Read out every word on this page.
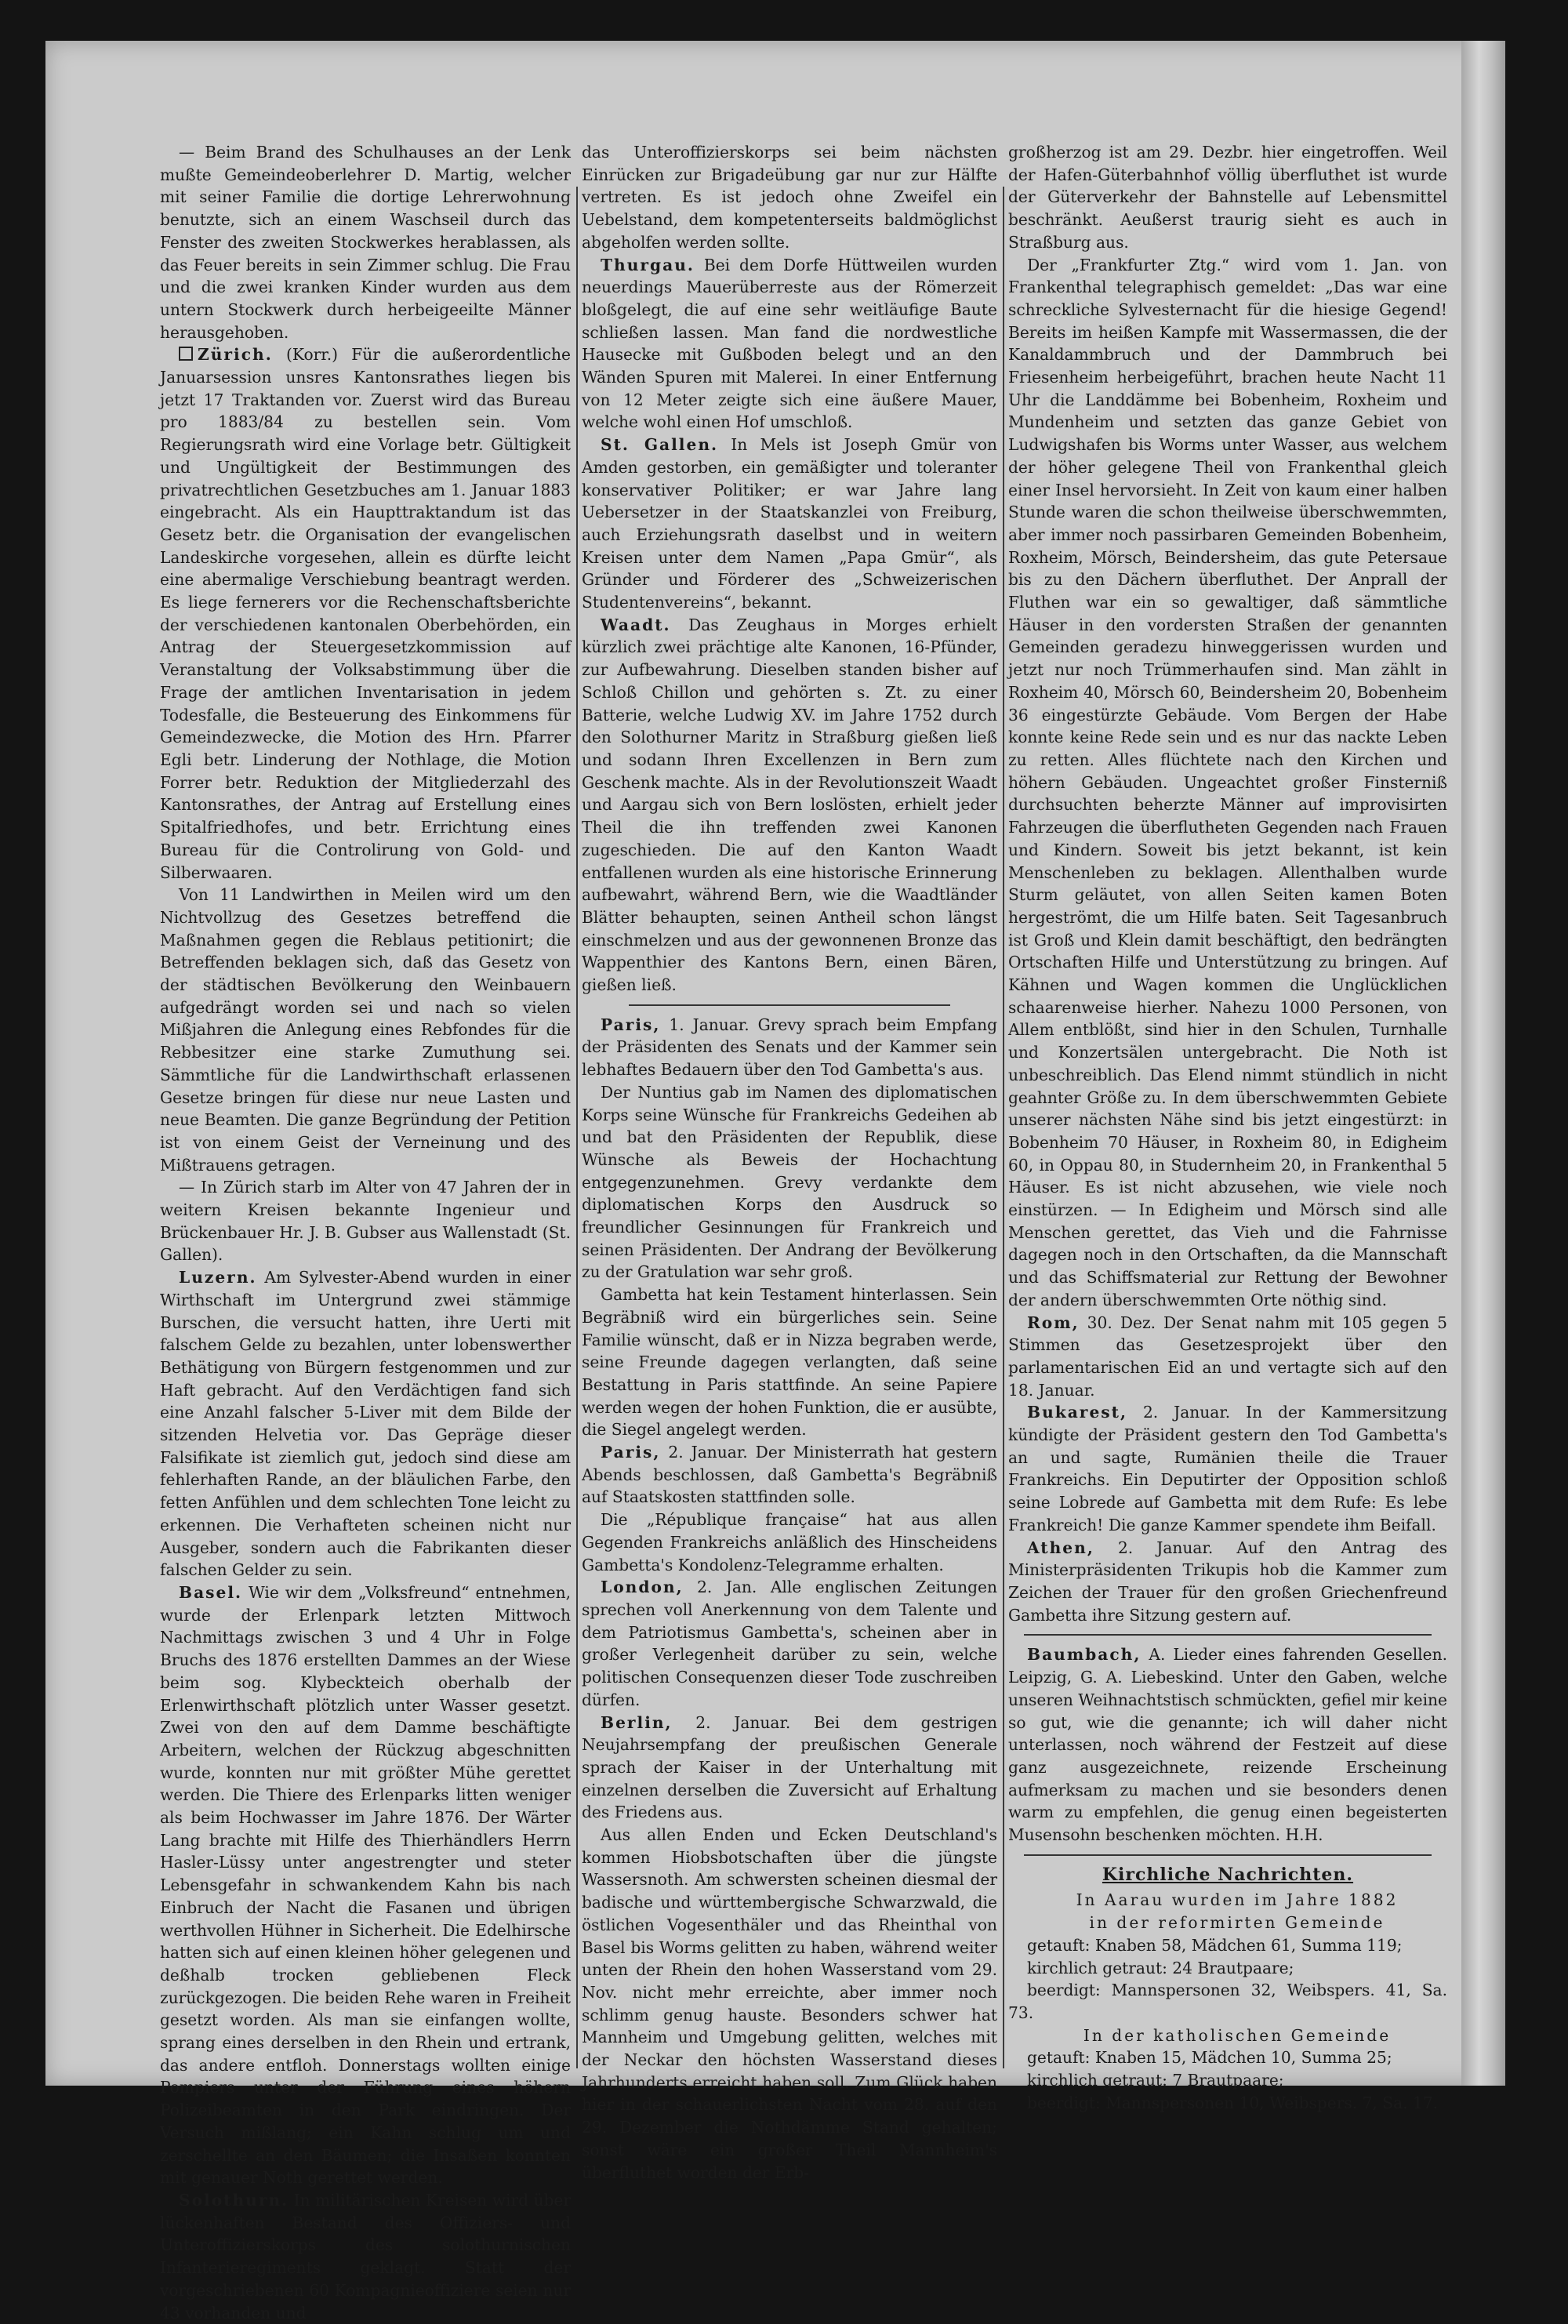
— Beim Brand des Schulhauses an der Lenk mußte Gemeindeoberlehrer D. Martig, welcher mit seiner Familie die dortige Lehrerwohnung benutzte, sich an einem Waschseil durch das Fenster des zweiten Stockwerkes herablassen, als das Feuer bereits in sein Zimmer schlug. Die Frau und die zwei kranken Kinder wurden aus dem untern Stockwerk durch herbeigeeilte Männer herausgehoben.

Zürich. (Korr.) Für die außerordentliche Januarsession unsres Kantonsrathes liegen bis jetzt 17 Traktanden vor. Zuerst wird das Bureau pro 1883/84 zu bestellen sein. Vom Regierungsrath wird eine Vorlage betr. Gültigkeit und Ungültigkeit der Bestimmungen des privatrechtlichen Gesetzbuches am 1. Januar 1883 eingebracht. Als ein Haupttraktandum ist das Gesetz betr. die Organisation der evangelischen Landeskirche vorgesehen, allein es dürfte leicht eine abermalige Verschiebung beantragt werden. Es liege fernerers vor die Rechenschaftsberichte der verschiedenen kantonalen Oberbehörden, ein Antrag der Steuergesetzkommission auf Veranstaltung der Volksabstimmung über die Frage der amtlichen Inventarisation in jedem Todesfalle, die Besteuerung des Einkommens für Gemeindezwecke, die Motion des Hrn. Pfarrer Egli betr. Linderung der Nothlage, die Motion Forrer betr. Reduktion der Mitgliederzahl des Kantonsrathes, der Antrag auf Erstellung eines Spitalfriedhofes, und betr. Errichtung eines Bureau für die Controlirung von Gold- und Silberwaaren.

Von 11 Landwirthen in Meilen wird um den Nichtvollzug des Gesetzes betreffend die Maßnahmen gegen die Reblaus petitionirt; die Betreffenden beklagen sich, daß das Gesetz von der städtischen Bevölkerung den Weinbauern aufgedrängt worden sei und nach so vielen Mißjahren die Anlegung eines Rebfondes für die Rebbesitzer eine starke Zumuthung sei. Sämmtliche für die Landwirthschaft erlassenen Gesetze bringen für diese nur neue Lasten und neue Beamten. Die ganze Begründung der Petition ist von einem Geist der Verneinung und des Mißtrauens getragen.

— In Zürich starb im Alter von 47 Jahren der in weitern Kreisen bekannte Ingenieur und Brückenbauer Hr. J. B. Gubser aus Wallenstadt (St. Gallen).

Luzern. Am Sylvester-Abend wurden in einer Wirthschaft im Untergrund zwei stämmige Burschen, die versucht hatten, ihre Uerti mit falschem Gelde zu bezahlen, unter lobenswerther Bethätigung von Bürgern festgenommen und zur Haft gebracht. Auf den Verdächtigen fand sich eine Anzahl falscher 5-Liver mit dem Bilde der sitzenden Helvetia vor. Das Gepräge dieser Falsifikate ist ziemlich gut, jedoch sind diese am fehlerhaften Rande, an der bläulichen Farbe, den fetten Anfühlen und dem schlechten Tone leicht zu erkennen. Die Verhafteten scheinen nicht nur Ausgeber, sondern auch die Fabrikanten dieser falschen Gelder zu sein.

Basel. Wie wir dem „Volksfreund“ entnehmen, wurde der Erlenpark letzten Mittwoch Nachmittags zwischen 3 und 4 Uhr in Folge Bruchs des 1876 erstellten Dammes an der Wiese beim sog. Klybeckteich oberhalb der Erlenwirthschaft plötzlich unter Wasser gesetzt. Zwei von den auf dem Damme beschäftigte Arbeitern, welchen der Rückzug abgeschnitten wurde, konnten nur mit größter Mühe gerettet werden. Die Thiere des Erlenparks litten weniger als beim Hochwasser im Jahre 1876. Der Wärter Lang brachte mit Hilfe des Thierhändlers Herrn Hasler-Lüssy unter angestrengter und steter Lebensgefahr in schwankendem Kahn bis nach Einbruch der Nacht die Fasanen und übrigen werthvollen Hühner in Sicherheit. Die Edelhirsche hatten sich auf einen kleinen höher gelegenen und deßhalb trocken gebliebenen Fleck zurückgezogen. Die beiden Rehe waren in Freiheit gesetzt worden. Als man sie einfangen wollte, sprang eines derselben in den Rhein und ertrank, das andere entfloh. Donnerstags wollten einige Pompiers unter der Führung eines höhern Polizeibeamten in den Park eindringen. Der Versuch mißlang; ein Kahn schlug um und zerschellte an den Bäumen; die Insaßen konnten mit genauer Noth gerettet werden.

Solothurn. In militärischen Kreisen wird über lückenhaften Bestand des Offiziers- und Unteroffizierskorps des solothurnischen Infanterieregiments geklagt. Statt der vorgeschriebenen 60 Kompagnieoffiziere seien nur 43 vorhanden und

das Unteroffizierskorps sei beim nächsten Einrücken zur Brigadeübung gar nur zur Hälfte vertreten. Es ist jedoch ohne Zweifel ein Uebelstand, dem kompetenterseits baldmöglichst abgeholfen werden sollte.

Thurgau. Bei dem Dorfe Hüttweilen wurden neuerdings Mauerüberreste aus der Römerzeit bloßgelegt, die auf eine sehr weitläufige Baute schließen lassen. Man fand die nordwestliche Hausecke mit Gußboden belegt und an den Wänden Spuren mit Malerei. In einer Entfernung von 12 Meter zeigte sich eine äußere Mauer, welche wohl einen Hof umschloß.

St. Gallen. In Mels ist Joseph Gmür von Amden gestorben, ein gemäßigter und toleranter konservativer Politiker; er war Jahre lang Uebersetzer in der Staatskanzlei von Freiburg, auch Erziehungsrath daselbst und in weitern Kreisen unter dem Namen „Papa Gmür“, als Gründer und Förderer des „Schweizerischen Studentenvereins“, bekannt.

Waadt. Das Zeughaus in Morges erhielt kürzlich zwei prächtige alte Kanonen, 16-Pfünder, zur Aufbewahrung. Dieselben standen bisher auf Schloß Chillon und gehörten s. Zt. zu einer Batterie, welche Ludwig XV. im Jahre 1752 durch den Solothurner Maritz in Straßburg gießen ließ und sodann Ihren Excellenzen in Bern zum Geschenk machte. Als in der Revolutionszeit Waadt und Aargau sich von Bern loslösten, erhielt jeder Theil die ihn treffenden zwei Kanonen zugeschieden. Die auf den Kanton Waadt entfallenen wurden als eine historische Erinnerung aufbewahrt, während Bern, wie die Waadtländer Blätter behaupten, seinen Antheil schon längst einschmelzen und aus der gewonnenen Bronze das Wappenthier des Kantons Bern, einen Bären, gießen ließ.

Paris, 1. Januar. Grevy sprach beim Empfang der Präsidenten des Senats und der Kammer sein lebhaftes Bedauern über den Tod Gambetta's aus.

Der Nuntius gab im Namen des diplomatischen Korps seine Wünsche für Frankreichs Gedeihen ab und bat den Präsidenten der Republik, diese Wünsche als Beweis der Hochachtung entgegenzunehmen. Grevy verdankte dem diplomatischen Korps den Ausdruck so freundlicher Gesinnungen für Frankreich und seinen Präsidenten. Der Andrang der Bevölkerung zu der Gratulation war sehr groß.

Gambetta hat kein Testament hinterlassen. Sein Begräbniß wird ein bürgerliches sein. Seine Familie wünscht, daß er in Nizza begraben werde, seine Freunde dagegen verlangten, daß seine Bestattung in Paris stattfinde. An seine Papiere werden wegen der hohen Funktion, die er ausübte, die Siegel angelegt werden.

Paris, 2. Januar. Der Ministerrath hat gestern Abends beschlossen, daß Gambetta's Begräbniß auf Staatskosten stattfinden solle.

Die „République française“ hat aus allen Gegenden Frankreichs anläßlich des Hinscheidens Gambetta's Kondolenz-Telegramme erhalten.

London, 2. Jan. Alle englischen Zeitungen sprechen voll Anerkennung von dem Talente und dem Patriotismus Gambetta's, scheinen aber in großer Verlegenheit darüber zu sein, welche politischen Consequenzen dieser Tode zuschreiben dürfen.

Berlin, 2. Januar. Bei dem gestrigen Neujahrsempfang der preußischen Generale sprach der Kaiser in der Unterhaltung mit einzelnen derselben die Zuversicht auf Erhaltung des Friedens aus.

Aus allen Enden und Ecken Deutschland's kommen Hiobsbotschaften über die jüngste Wassersnoth. Am schwersten scheinen diesmal der badische und württembergische Schwarzwald, die östlichen Vogesenthäler und das Rheinthal von Basel bis Worms gelitten zu haben, während weiter unten der Rhein den hohen Wasserstand vom 29. Nov. nicht mehr erreichte, aber immer noch schlimm genug hauste. Besonders schwer hat Mannheim und Umgebung gelitten, welches mit der Neckar den höchsten Wasserstand dieses Jahrhunderts erreicht haben soll. Zum Glück haben hier in der schauerlichsten Nacht vom 28. auf den 29. Dezember die Nothdämme Stand gehalten; sonst wäre ein großer Theil Mannheim's überfluthet worden der Erb-

großherzog ist am 29. Dezbr. hier eingetroffen. Weil der Hafen-Güterbahnhof völlig überfluthet ist wurde der Güterverkehr der Bahnstelle auf Lebensmittel beschränkt. Aeußerst traurig sieht es auch in Straßburg aus.

Der „Frankfurter Ztg.“ wird vom 1. Jan. von Frankenthal telegraphisch gemeldet: „Das war eine schreckliche Sylvesternacht für die hiesige Gegend! Bereits im heißen Kampfe mit Wassermassen, die der Kanaldammbruch und der Dammbruch bei Friesenheim herbeigeführt, brachen heute Nacht 11 Uhr die Landdämme bei Bobenheim, Roxheim und Mundenheim und setzten das ganze Gebiet von Ludwigshafen bis Worms unter Wasser, aus welchem der höher gelegene Theil von Frankenthal gleich einer Insel hervorsieht. In Zeit von kaum einer halben Stunde waren die schon theilweise überschwemmten, aber immer noch passirbaren Gemeinden Bobenheim, Roxheim, Mörsch, Beindersheim, das gute Petersaue bis zu den Dächern überfluthet. Der Anprall der Fluthen war ein so gewaltiger, daß sämmtliche Häuser in den vordersten Straßen der genannten Gemeinden geradezu hinweggerissen wurden und jetzt nur noch Trümmerhaufen sind. Man zählt in Roxheim 40, Mörsch 60, Beindersheim 20, Bobenheim 36 eingestürzte Gebäude. Vom Bergen der Habe konnte keine Rede sein und es nur das nackte Leben zu retten. Alles flüchtete nach den Kirchen und höhern Gebäuden. Ungeachtet großer Finsterniß durchsuchten beherzte Männer auf improvisirten Fahrzeugen die überflutheten Gegenden nach Frauen und Kindern. Soweit bis jetzt bekannt, ist kein Menschenleben zu beklagen. Allenthalben wurde Sturm geläutet, von allen Seiten kamen Boten hergeströmt, die um Hilfe baten. Seit Tagesanbruch ist Groß und Klein damit beschäftigt, den bedrängten Ortschaften Hilfe und Unterstützung zu bringen. Auf Kähnen und Wagen kommen die Unglücklichen schaarenweise hierher. Nahezu 1000 Personen, von Allem entblößt, sind hier in den Schulen, Turnhalle und Konzertsälen untergebracht. Die Noth ist unbeschreiblich. Das Elend nimmt stündlich in nicht geahnter Größe zu. In dem überschwemmten Gebiete unserer nächsten Nähe sind bis jetzt eingestürzt: in Bobenheim 70 Häuser, in Roxheim 80, in Edigheim 60, in Oppau 80, in Studernheim 20, in Frankenthal 5 Häuser. Es ist nicht abzusehen, wie viele noch einstürzen. — In Edigheim und Mörsch sind alle Menschen gerettet, das Vieh und die Fahrnisse dagegen noch in den Ortschaften, da die Mannschaft und das Schiffsmaterial zur Rettung der Bewohner der andern überschwemmten Orte nöthig sind.

Rom, 30. Dez. Der Senat nahm mit 105 gegen 5 Stimmen das Gesetzesprojekt über den parlamentarischen Eid an und vertagte sich auf den 18. Januar.

Bukarest, 2. Januar. In der Kammersitzung kündigte der Präsident gestern den Tod Gambetta's an und sagte, Rumänien theile die Trauer Frankreichs. Ein Deputirter der Opposition schloß seine Lobrede auf Gambetta mit dem Rufe: Es lebe Frankreich! Die ganze Kammer spendete ihm Beifall.

Athen, 2. Januar. Auf den Antrag des Ministerpräsidenten Trikupis hob die Kammer zum Zeichen der Trauer für den großen Griechenfreund Gambetta ihre Sitzung gestern auf.

Baumbach, A. Lieder eines fahrenden Gesellen. Leipzig, G. A. Liebeskind. Unter den Gaben, welche unseren Weihnachtstisch schmückten, gefiel mir keine so gut, wie die genannte; ich will daher nicht unterlassen, noch während der Festzeit auf diese ganz ausgezeichnete, reizende Erscheinung aufmerksam zu machen und sie besonders denen warm zu empfehlen, die genug einen begeisterten Musensohn beschenken möchten. H.H.

Kirchliche Nachrichten.

In Aarau wurden im Jahre 1882

in der reformirten Gemeinde

getauft: Knaben 58, Mädchen 61, Summa 119;

kirchlich getraut: 24 Brautpaare;

beerdigt: Mannspersonen 32, Weibspers. 41, Sa. 73.

In der katholischen Gemeinde

getauft: Knaben 15, Mädchen 10, Summa 25;

kirchlich getraut: 7 Brautpaare;

beerdigt: Mannspersonen 10, Weibspers. 7, Sa. 17.
